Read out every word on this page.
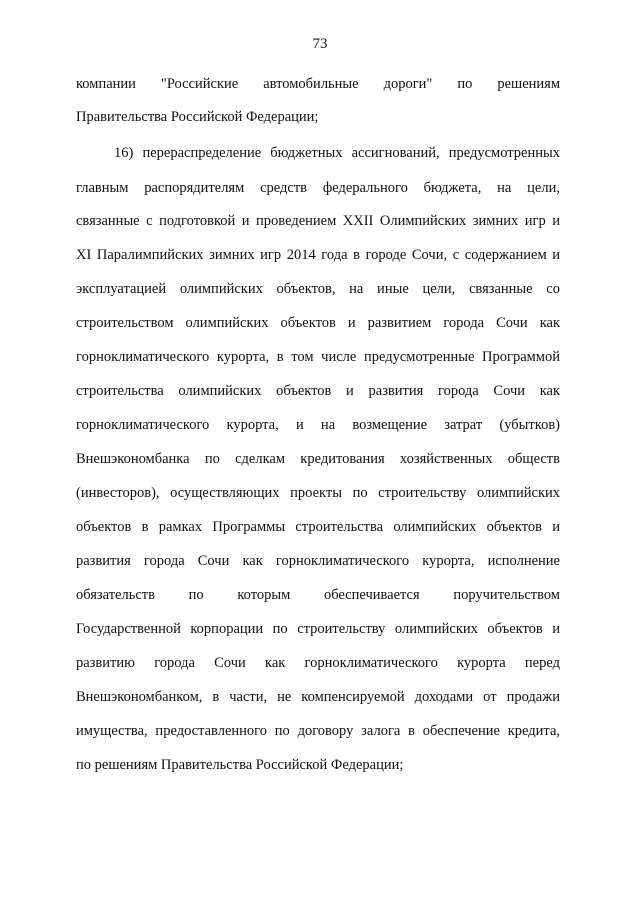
73
компании "Российские автомобильные дороги" по решениям
Правительства Российской Федерации;
16) перераспределение бюджетных ассигнований, предусмотренных
главным распорядителям средств федерального бюджета, на цели,
связанные с подготовкой и проведением XXII Олимпийских зимних игр и
XI Паралимпийских зимних игр 2014 года в городе Сочи, с содержанием и
эксплуатацией олимпийских объектов, на иные цели, связанные со
строительством олимпийских объектов и развитием города Сочи как
горноклиматического курорта, в том числе предусмотренные Программой
строительства олимпийских объектов и развития города Сочи как
горноклиматического курорта, и на возмещение затрат (убытков)
Внешэкономбанка по сделкам кредитования хозяйственных обществ
(инвесторов), осуществляющих проекты по строительству олимпийских
объектов в рамках Программы строительства олимпийских объектов и
развития города Сочи как горноклиматического курорта, исполнение
обязательств по которым обеспечивается поручительством
Государственной корпорации по строительству олимпийских объектов и
развитию города Сочи как горноклиматического курорта перед
Внешэкономбанком, в части, не компенсируемой доходами от продажи
имущества, предоставленного по договору залога в обеспечение кредита,
по решениям Правительства Российской Федерации;
